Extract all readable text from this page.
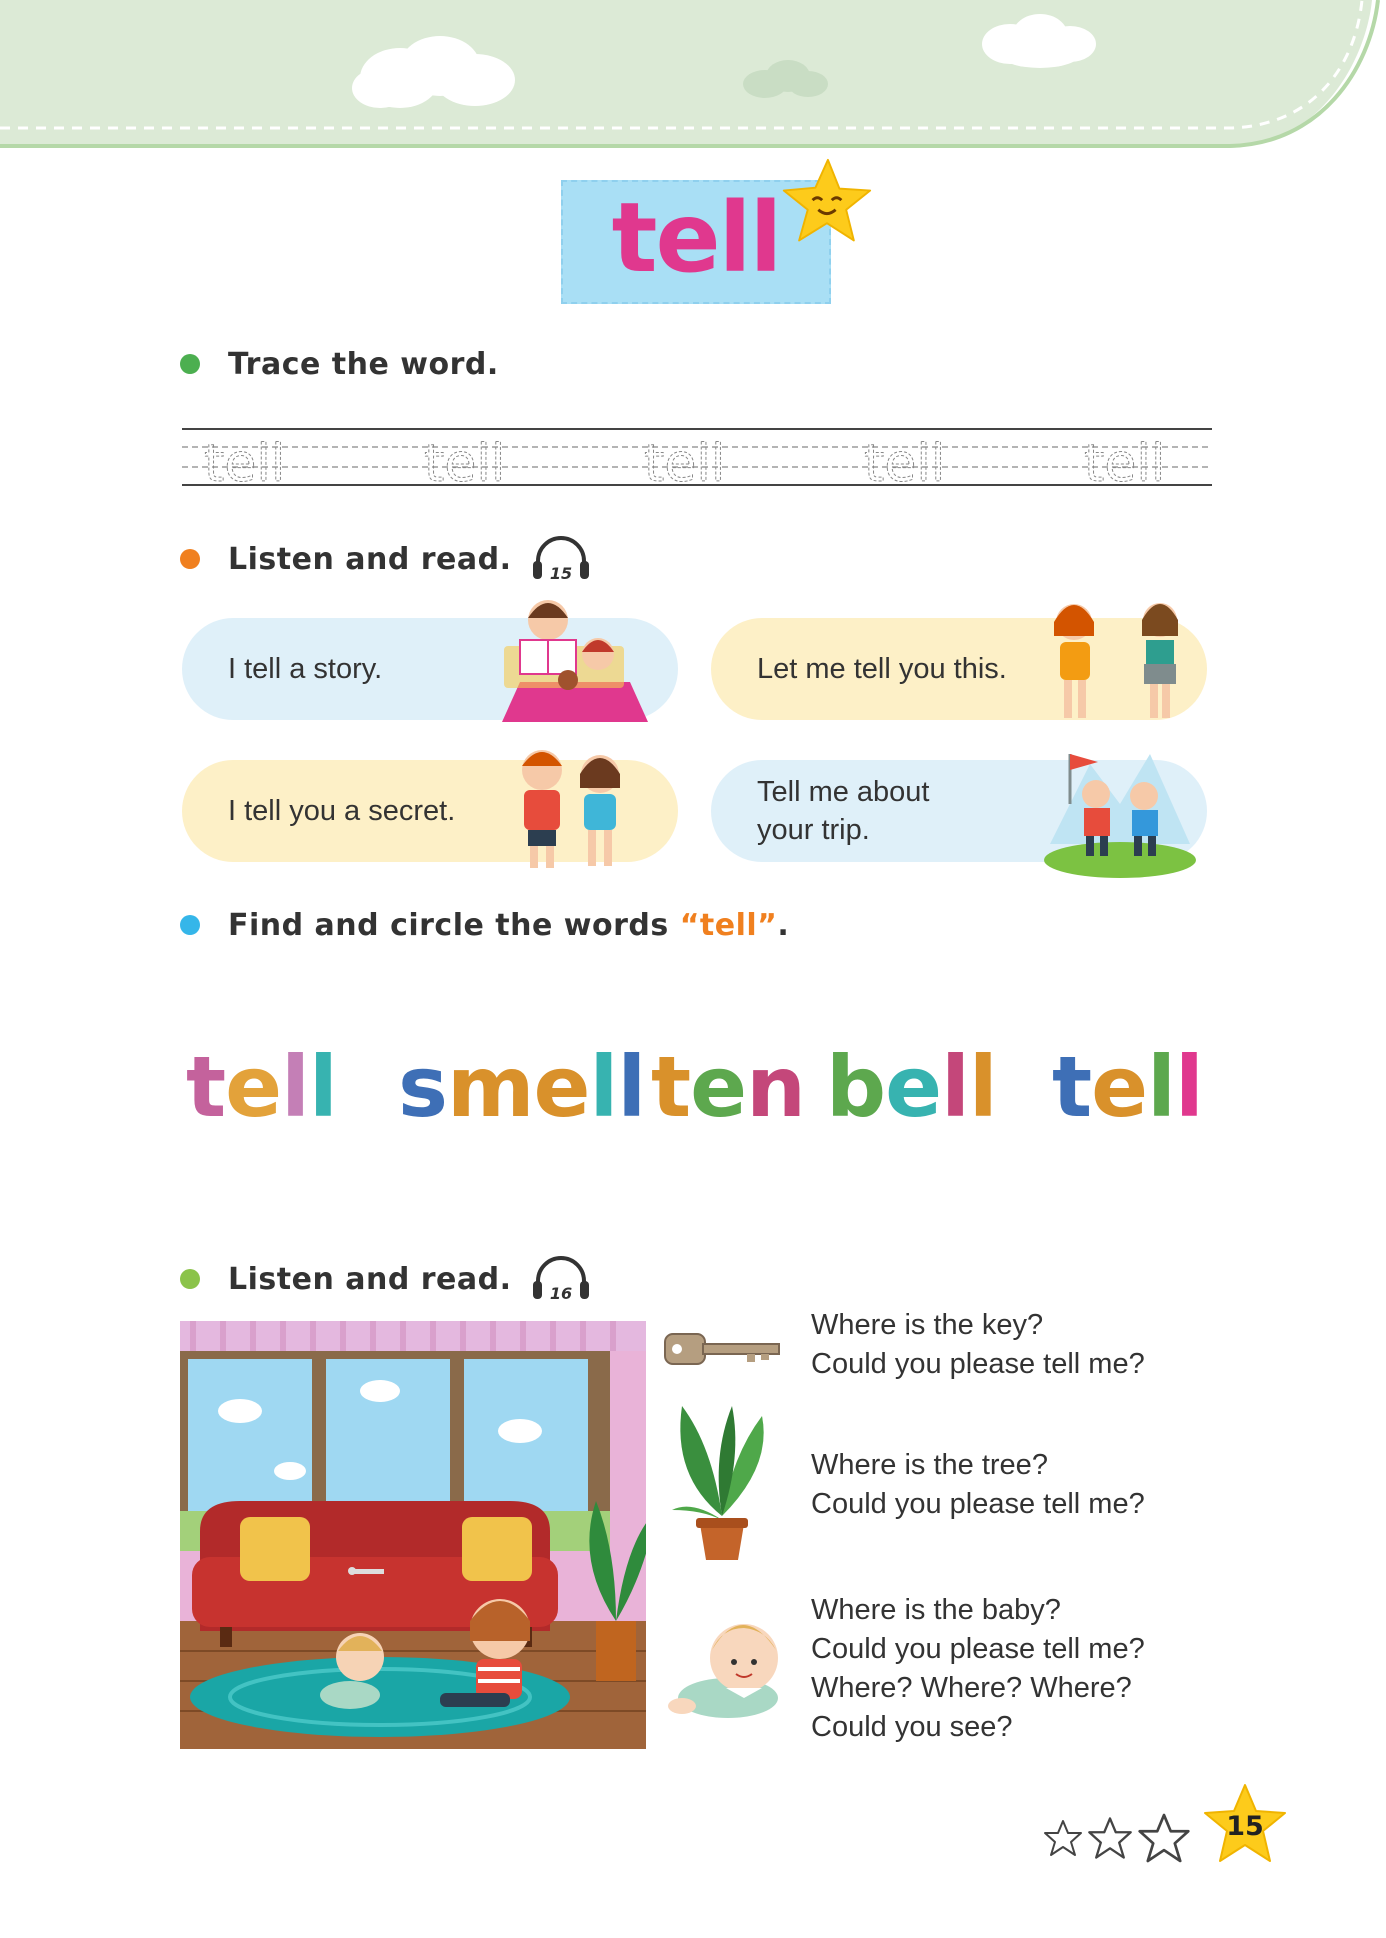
tell
Trace the word.
tell	tell	tell	tell	tell
Listen and read. 15
I tell a story.	Let me tell you this.
I tell you a secret.
Tell me about
your trip.
Find and circle the words “tell”.
tell smell ten bell tell
Listen and read. 16
Where is the key?
Could you please tell me?
Where is the tree?
Could you please tell me?
Where is the baby?
Could you please tell me?
Where? Where? Where?
Could you see?
15
